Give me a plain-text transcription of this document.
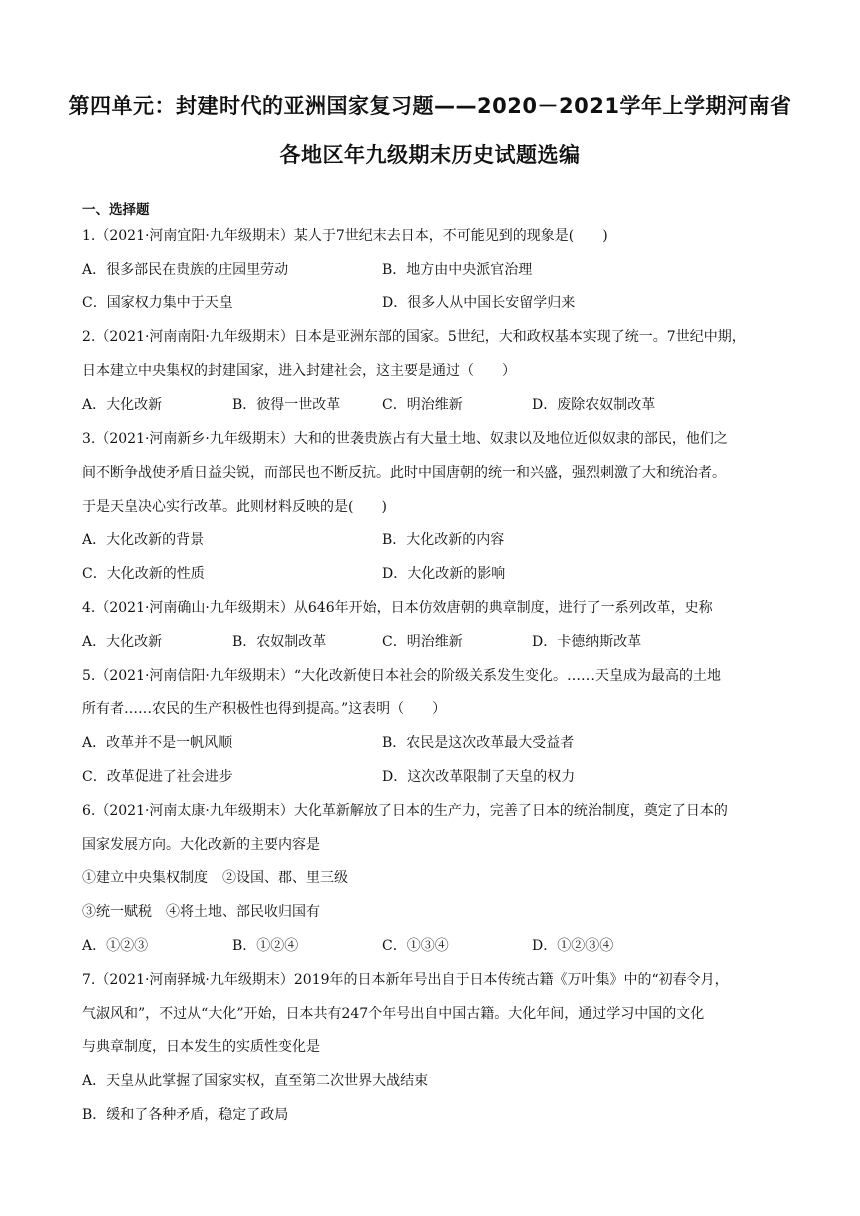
第四单元：封建时代的亚洲国家复习题——2020－2021学年上学期河南省
各地区年九级期末历史试题选编
一、选择题
1.（2021·河南宜阳·九年级期末）某人于7世纪末去日本，不可能见到的现象是(　　)
A．很多部民在贵族的庄园里劳动	B．地方由中央派官治理
C．国家权力集中于天皇	D．很多人从中国长安留学归来
2.（2021·河南南阳·九年级期末）日本是亚洲东部的国家。5世纪，大和政权基本实现了统一。7世纪中期，
日本建立中央集权的封建国家，进入封建社会，这主要是通过（　　）
A．大化改新	B．彼得一世改革	C．明治维新	D．废除农奴制改革
3.（2021·河南新乡·九年级期末）大和的世袭贵族占有大量土地、奴隶以及地位近似奴隶的部民，他们之
间不断争战使矛盾日益尖锐，而部民也不断反抗。此时中国唐朝的统一和兴盛，强烈刺激了大和统治者。
于是天皇决心实行改革。此则材料反映的是(　　)
A．大化改新的背景	B．大化改新的内容
C．大化改新的性质	D．大化改新的影响
4.（2021·河南确山·九年级期末）从646年开始，日本仿效唐朝的典章制度，进行了一系列改革，史称
A．大化改新	B．农奴制改革	C．明治维新	D．卡德纳斯改革
5.（2021·河南信阳·九年级期末）“大化改新使日本社会的阶级关系发生变化。……天皇成为最高的土地
所有者……农民的生产积极性也得到提高。”这表明（　　）
A．改革并不是一帆风顺	B．农民是这次改革最大受益者
C．改革促进了社会进步	D．这次改革限制了天皇的权力
6.（2021·河南太康·九年级期末）大化革新解放了日本的生产力，完善了日本的统治制度，奠定了日本的
国家发展方向。大化改新的主要内容是
①建立中央集权制度　②设国、郡、里三级
③统一赋税　④将土地、部民收归国有
A．①②③	B．①②④	C．①③④	D．①②③④
7.（2021·河南驿城·九年级期末）2019年的日本新年号出自于日本传统古籍《万叶集》中的“初春令月，
气淑风和”，不过从“大化”开始，日本共有247个年号出自中国古籍。大化年间，通过学习中国的文化
与典章制度，日本发生的实质性变化是
A．天皇从此掌握了国家实权，直至第二次世界大战结束
B．缓和了各种矛盾，稳定了政局
